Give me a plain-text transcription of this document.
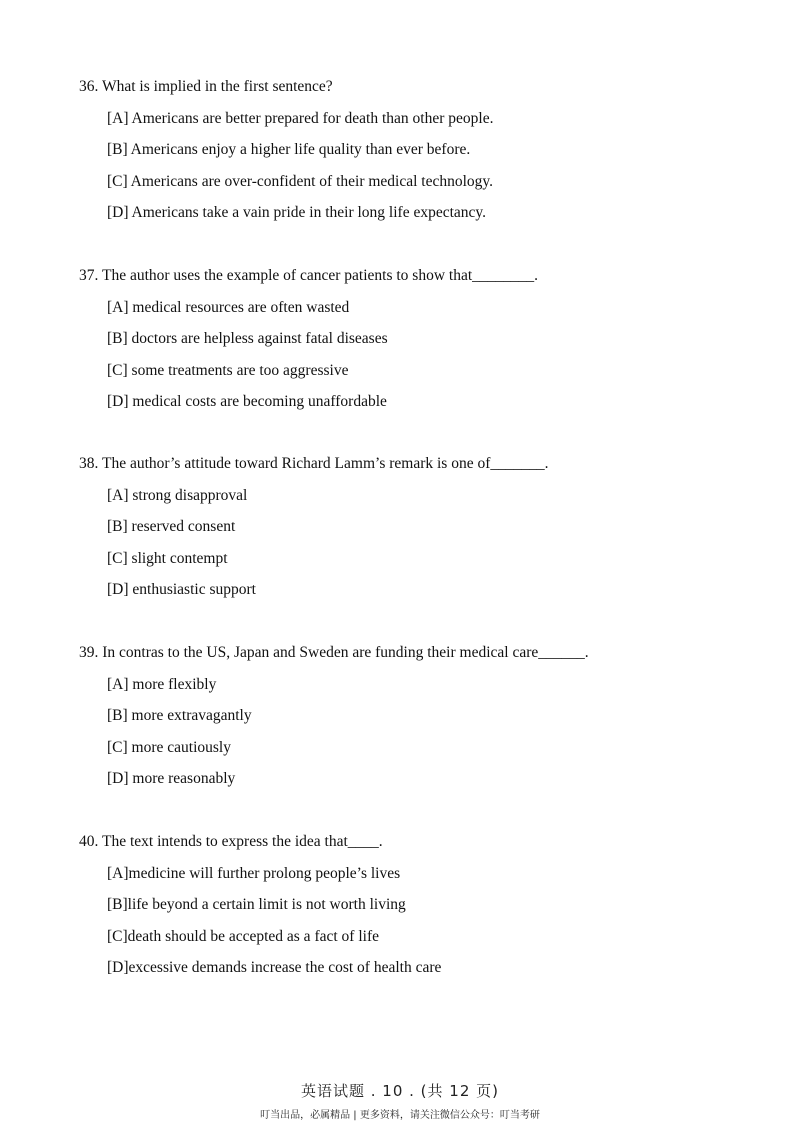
36. What is implied in the first sentence?
[A] Americans are better prepared for death than other people.
[B] Americans enjoy a higher life quality than ever before.
[C] Americans are over-confident of their medical technology.
[D] Americans take a vain pride in their long life expectancy.
37. The author uses the example of cancer patients to show that________.
[A] medical resources are often wasted
[B] doctors are helpless against fatal diseases
[C] some treatments are too aggressive
[D] medical costs are becoming unaffordable
38. The author’s attitude toward Richard Lamm’s remark is one of_______.
[A] strong disapproval
[B] reserved consent
[C] slight contempt
[D] enthusiastic support
39. In contras to the US, Japan and Sweden are funding their medical care______.
[A] more flexibly
[B] more extravagantly
[C] more cautiously
[D] more reasonably
40. The text intends to express the idea that____.
[A]medicine will further prolong people’s lives
[B]life beyond a certain limit is not worth living
[C]death should be accepted as a fact of life
[D]excessive demands increase the cost of health care
英语试题 . 10 . (共 12 页)
叮当出品，必属精品 | 更多资料，请关注微信公众号：叮当考研
